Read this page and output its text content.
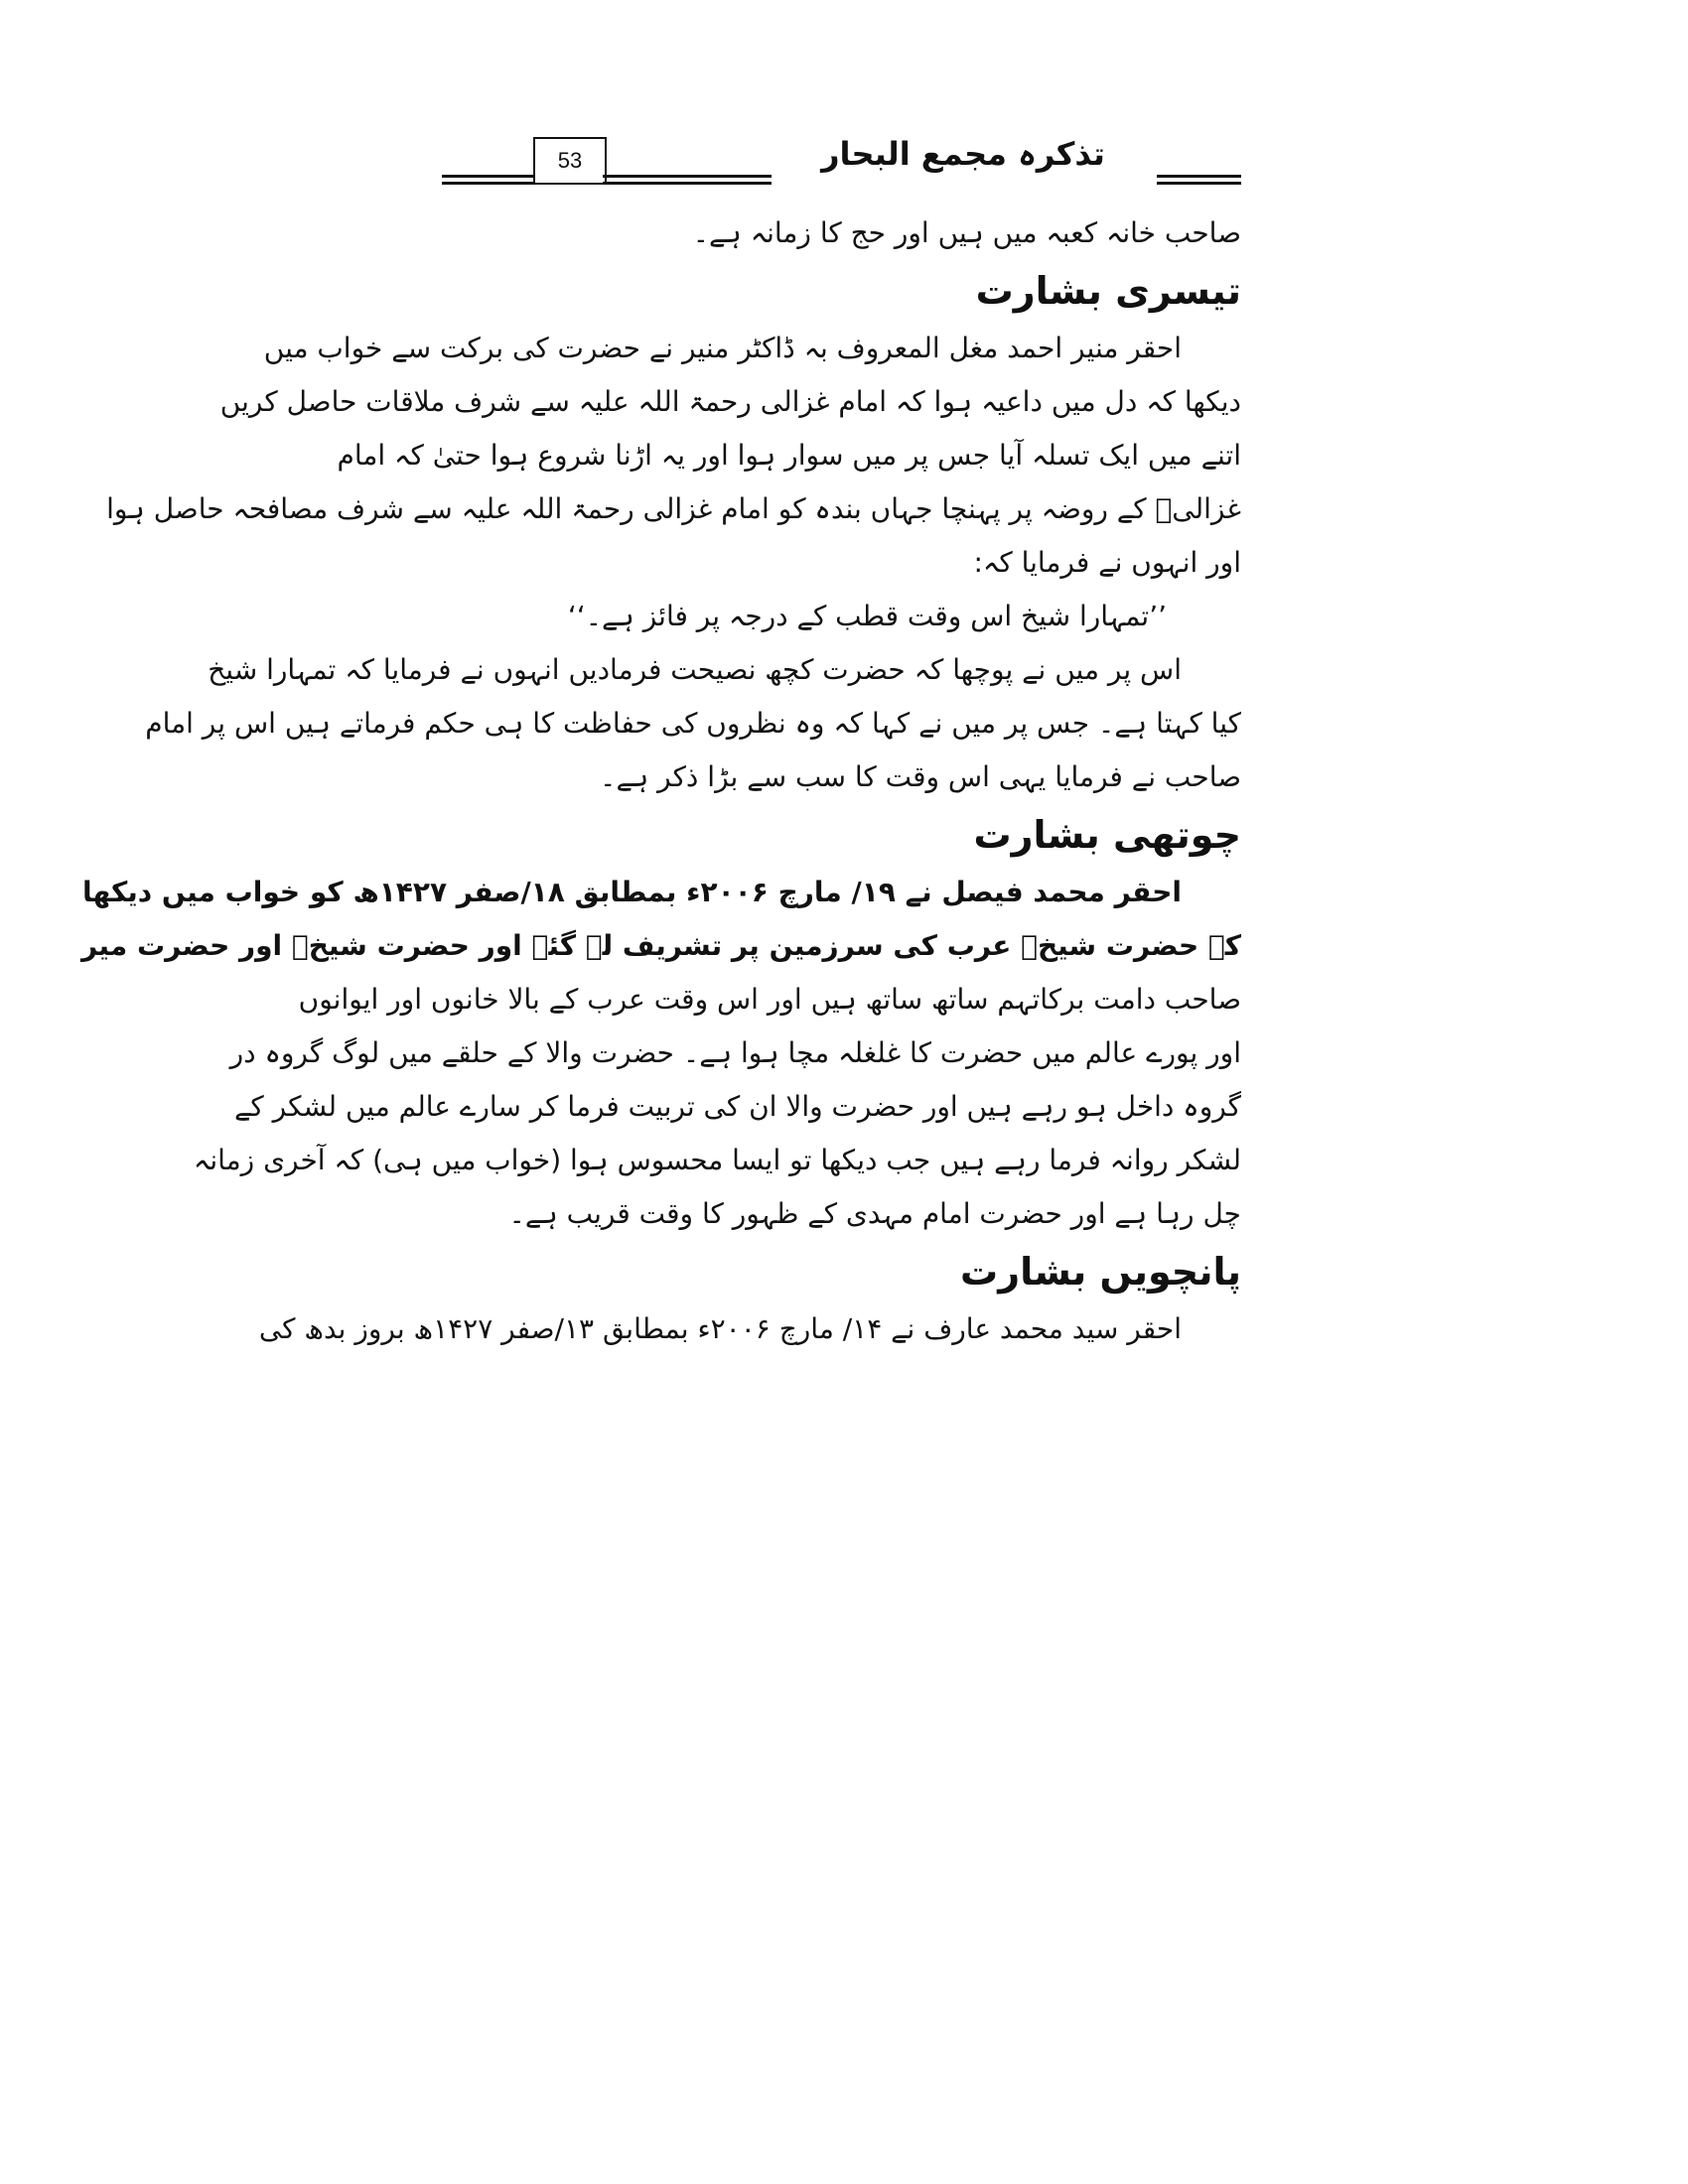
53	تذکرہ مجمع البحار
صاحب خانہ کعبہ میں ہیں اور حج کا زمانہ ہے۔
تیسری بشارت
احقر منیر احمد مغل المعروف بہ ڈاکٹر منیر نے حضرت کی برکت سے خواب میں
دیکھا کہ دل میں داعیہ ہوا کہ امام غزالی رحمۃ اللہ علیہ سے شرف ملاقات حاصل کریں
اتنے میں ایک تسلہ آیا جس پر میں سوار ہوا اور یہ اڑنا شروع ہوا حتیٰ کہ امام
غزالیؒ کے روضہ پر پہنچا جہاں بندہ کو امام غزالی رحمۃ اللہ علیہ سے شرف مصافحہ حاصل ہوا
اور انہوں نے فرمایا کہ:
’’تمہارا شیخ اس وقت قطب کے درجہ پر فائز ہے۔‘‘
اس پر میں نے پوچھا کہ حضرت کچھ نصیحت فرمادیں انہوں نے فرمایا کہ تمہارا شیخ
کیا کہتا ہے۔ جس پر میں نے کہا کہ وہ نظروں کی حفاظت کا ہی حکم فرماتے ہیں اس پر امام
صاحب نے فرمایا یہی اس وقت کا سب سے بڑا ذکر ہے۔
چوتھی بشارت
احقر محمد فیصل نے ۱۹/ مارچ ۲۰۰۶ء بمطابق ۱۸/صفر ۱۴۲۷ھ کو خواب میں دیکھا
کہ حضرت شیخؒ عرب کی سرزمین پر تشریف لے گئے اور حضرت شیخؒ اور حضرت میر
صاحب دامت برکاتہم ساتھ ساتھ ہیں اور اس وقت عرب کے بالا خانوں اور ایوانوں
اور پورے عالم میں حضرت کا غلغلہ مچا ہوا ہے۔ حضرت والا کے حلقے میں لوگ گروہ در
گروہ داخل ہو رہے ہیں اور حضرت والا ان کی تربیت فرما کر سارے عالم میں لشکر کے
لشکر روانہ فرما رہے ہیں جب دیکھا تو ایسا محسوس ہوا (خواب میں ہی) کہ آخری زمانہ
چل رہا ہے اور حضرت امام مہدی کے ظہور کا وقت قریب ہے۔
پانچویں بشارت
احقر سید محمد عارف نے ۱۴/ مارچ ۲۰۰۶ء بمطابق ۱۳/صفر ۱۴۲۷ھ بروز بدھ کی
